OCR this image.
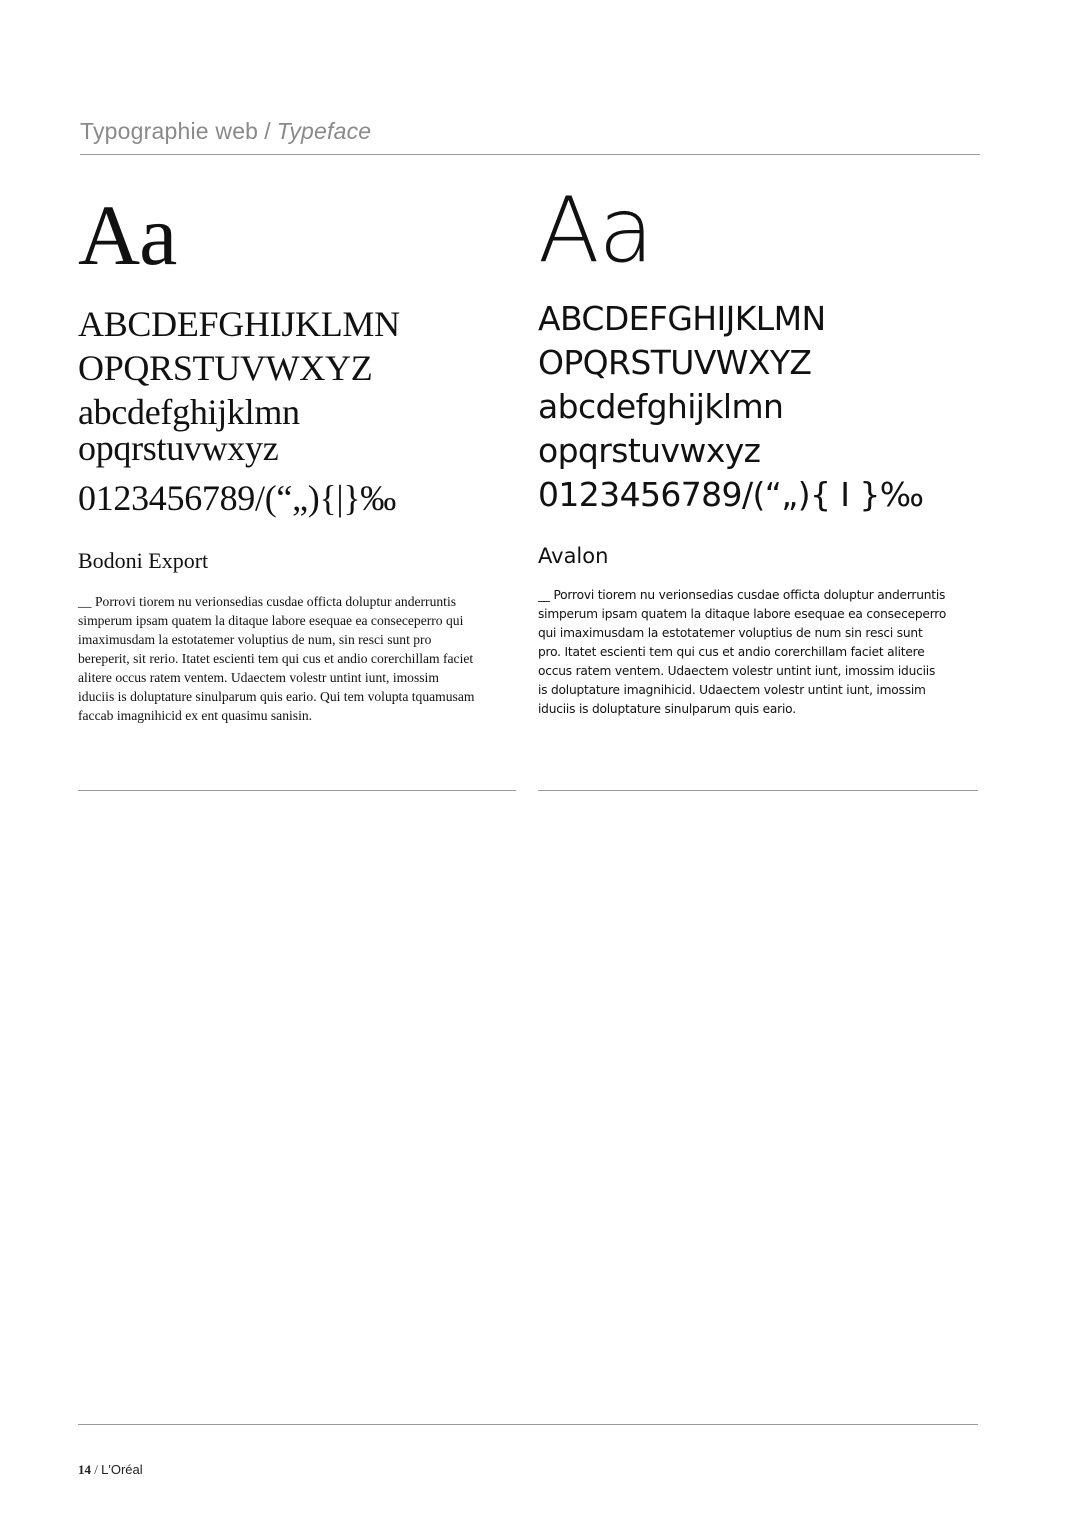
Typographie web / Typeface
Aa
ABCDEFGHIJKLMN
OPQRSTUVWXYZ
abcdefghijklmn
opqrstuvwxyz
0123456789/(“„){|}‰
Bodoni Export
__ Porrovi tiorem nu verionsedias cusdae officta doluptur anderruntis simperum ipsam quatem la ditaque labore esequae ea conseceperro qui imaximusdam la estotatemer voluptius de num, sin resci sunt pro bereperit, sit rerio. Itatet escienti tem qui cus et andio corerchillam faciet alitere occus ratem ventem. Udaectem volestr untint iunt, imossim iduciis is doluptature sinulparum quis eario. Qui tem volupta tquamusam faccab imagnihicid ex ent quasimu sanisin.
Aa
ABCDEFGHIJKLMN
OPQRSTUVWXYZ
abcdefghijklmn
opqrstuvwxyz
0123456789/(“„){ I }‰
Avalon
__ Porrovi tiorem nu verionsedias cusdae officta doluptur anderruntis simperum ipsam quatem la ditaque labore esequae ea conseceperro qui imaximusdam la estotatemer voluptius de num sin resci sunt pro. Itatet escienti tem qui cus et andio corerchillam faciet alitere occus ratem ventem. Udaectem volestr untint iunt, imossim iduciis is doluptature imagnihicid. Udaectem volestr untint iunt, imossim iduciis is doluptature sinulparum quis eario.
14 / L'Oréal
